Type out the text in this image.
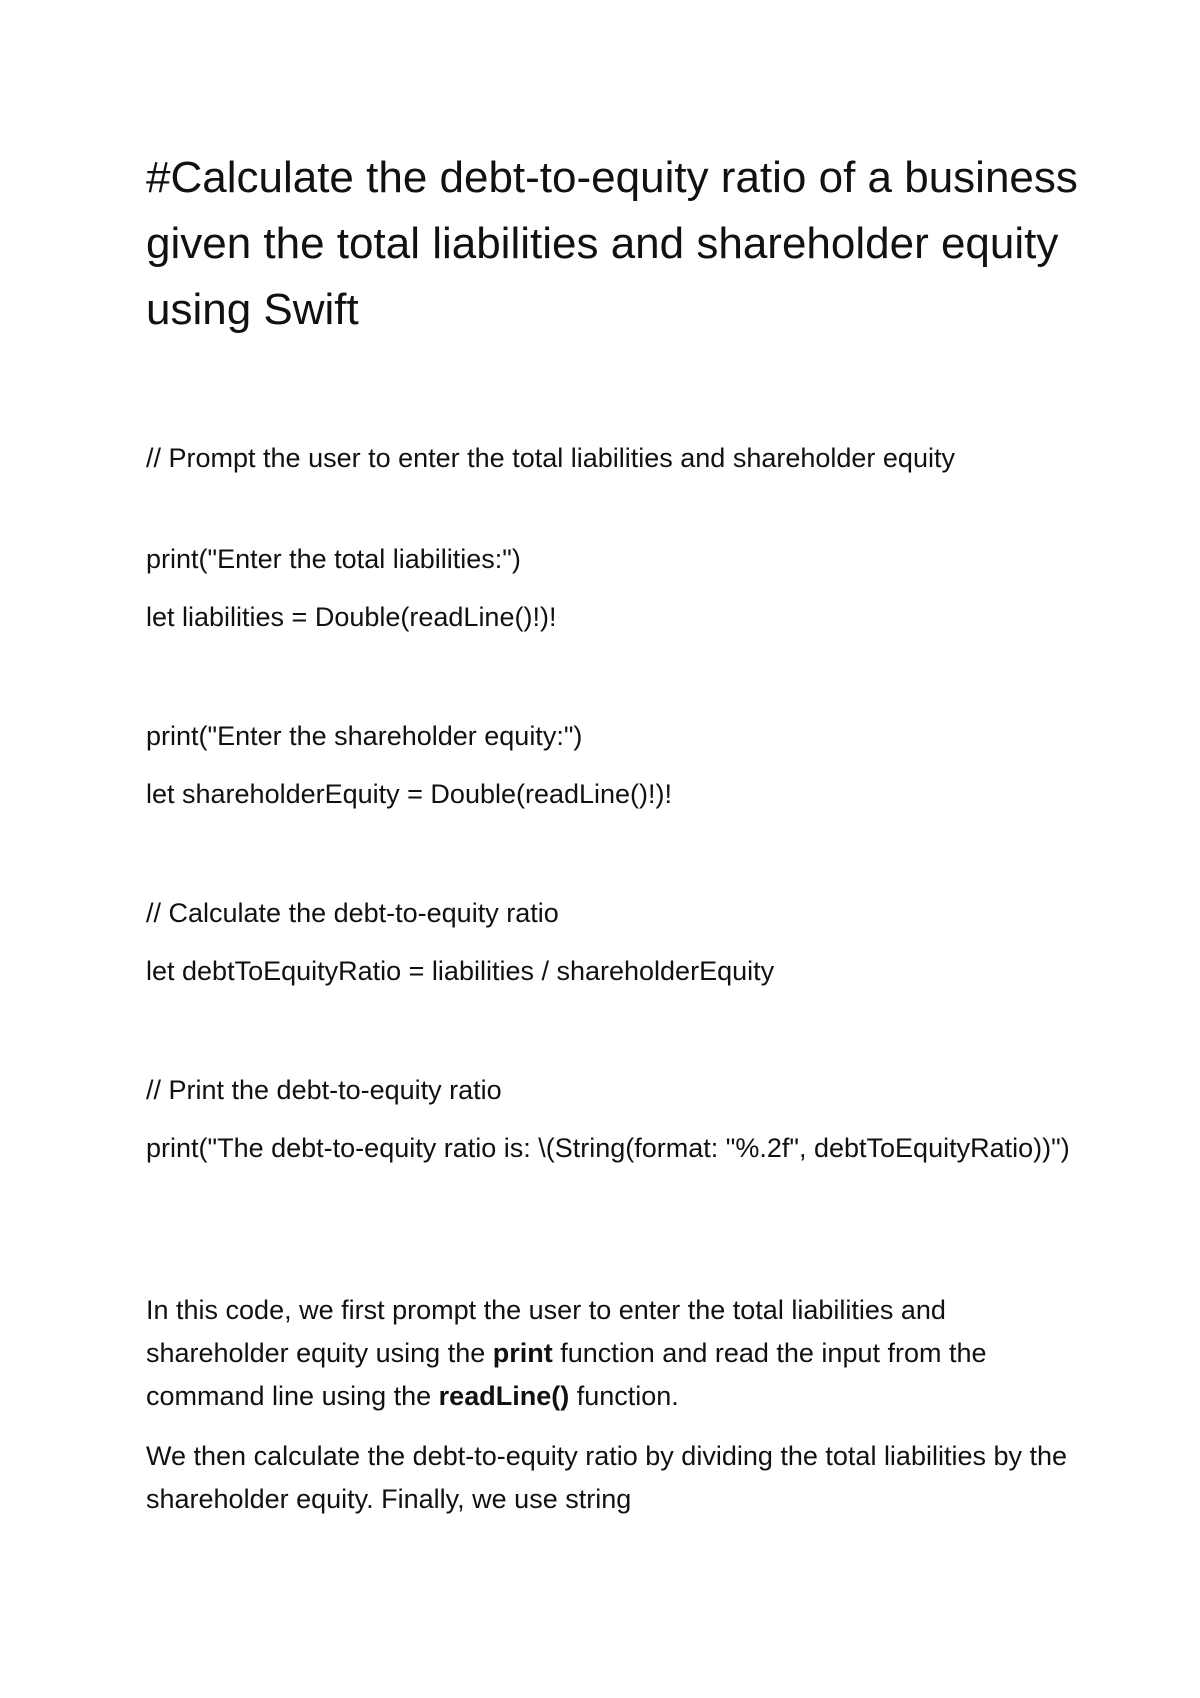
#Calculate the debt-to-equity ratio of a business given the total liabilities and shareholder equity using Swift

// Prompt the user to enter the total liabilities and shareholder equity

print("Enter the total liabilities:")

let liabilities = Double(readLine()!)!

print("Enter the shareholder equity:")

let shareholderEquity = Double(readLine()!)!

// Calculate the debt-to-equity ratio

let debtToEquityRatio = liabilities / shareholderEquity

// Print the debt-to-equity ratio

print("The debt-to-equity ratio is: \(String(format: "%.2f", debtToEquityRatio))")

In this code, we first prompt the user to enter the total liabilities and shareholder equity using the print function and read the input from the command line using the readLine() function.

We then calculate the debt-to-equity ratio by dividing the total liabilities by the shareholder equity. Finally, we use string
